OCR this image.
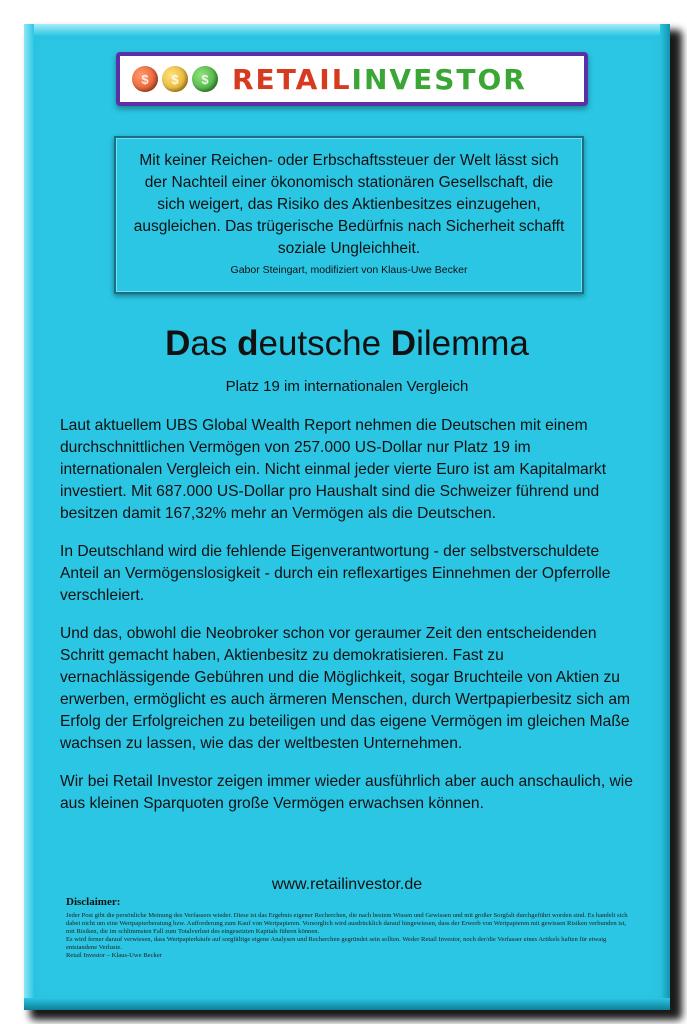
$	$	$ RETAILINVESTOR
Mit keiner Reichen- oder Erbschaftssteuer der Welt lässt sich der Nachteil einer ökonomisch stationären Gesellschaft, die sich weigert, das Risiko des Aktienbesitzes einzugehen, ausgleichen. Das trügerische Bedürfnis nach Sicherheit schafft soziale Ungleichheit.
Gabor Steingart, modifiziert von Klaus-Uwe Becker
Das deutsche Dilemma
Platz 19 im internationalen Vergleich

Laut aktuellem UBS Global Wealth Report nehmen die Deutschen mit einem durchschnittlichen Vermögen von 257.000 US-Dollar nur Platz 19 im internationalen Vergleich ein. Nicht einmal jeder vierte Euro ist am Kapitalmarkt investiert. Mit 687.000 US-Dollar pro Haushalt sind die Schweizer führend und besitzen damit 167,32% mehr an Vermögen als die Deutschen.

In Deutschland wird die fehlende Eigenverantwortung - der selbstverschuldete Anteil an Vermögenslosigkeit - durch ein reflexartiges Einnehmen der Opferrolle verschleiert.

Und das, obwohl die Neobroker schon vor geraumer Zeit den entscheidenden Schritt gemacht haben, Aktienbesitz zu demokratisieren. Fast zu vernachlässigende Gebühren und die Möglichkeit, sogar Bruchteile von Aktien zu erwerben, ermöglicht es auch ärmeren Menschen, durch Wertpapierbesitz sich am Erfolg der Erfolgreichen zu beteiligen und das eigene Vermögen im gleichen Maße wachsen zu lassen, wie das der weltbesten Unternehmen.

Wir bei Retail Investor zeigen immer wieder ausführlich aber auch anschaulich, wie aus kleinen Sparquoten große Vermögen erwachsen können.

www.retailinvestor.de
Disclaimer:
Jeder Post gibt die persönliche Meinung des Verfassers wieder. Diese ist das Ergebnis eigener Recherchen, die nach bestem Wissen und Gewissen und mit großer Sorgfalt durchgeführt worden sind. Es handelt sich dabei nicht um eine Wertpapierberatung bzw. Aufforderung zum Kauf von Wertpapieren. Vorsorglich wird ausdrücklich darauf hingewiesen, dass der Erwerb von Wertpapieren mit gewissen Risiken verbunden ist, mit Risiken, die im schlimmsten Fall zum Totalverlust des eingesetzten Kapitals führen können.
Es wird ferner darauf verwiesen, dass Wertpapierkäufe auf sorgfältige eigene Analysen und Recherchen gegründet sein sollten. Weder Retail Investor, noch der/die Verfasser eines Artikels haften für etwaig entstandene Verluste.
Retail Investor – Klaus-Uwe Becker
